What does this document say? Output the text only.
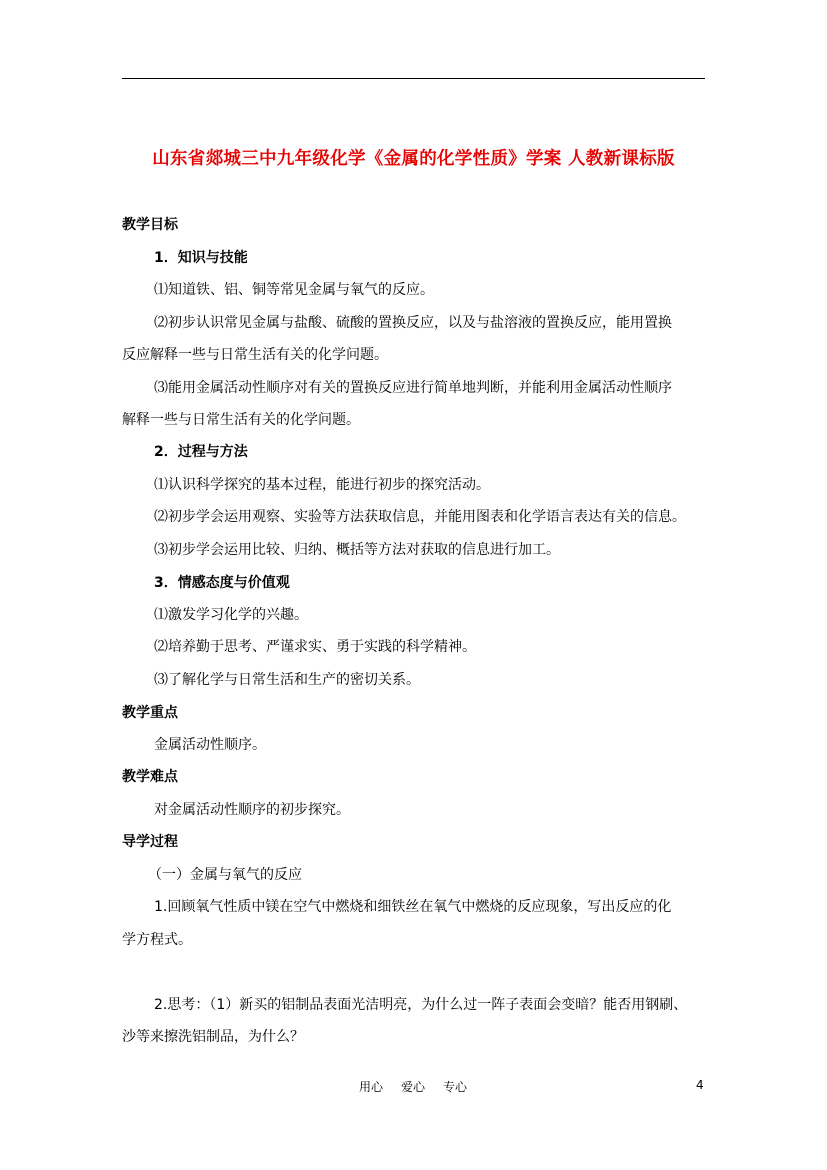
山东省郯城三中九年级化学《金属的化学性质》学案 人教新课标版
教学目标
1．知识与技能
⑴知道铁、铝、铜等常见金属与氧气的反应。
⑵初步认识常见金属与盐酸、硫酸的置换反应，以及与盐溶液的置换反应，能用置换
反应解释一些与日常生活有关的化学问题。
⑶能用金属活动性顺序对有关的置换反应进行简单地判断，并能利用金属活动性顺序
解释一些与日常生活有关的化学问题。
2．过程与方法
⑴认识科学探究的基本过程，能进行初步的探究活动。
⑵初步学会运用观察、实验等方法获取信息，并能用图表和化学语言表达有关的信息。
⑶初步学会运用比较、归纳、概括等方法对获取的信息进行加工。
3．情感态度与价值观
⑴激发学习化学的兴趣。
⑵培养勤于思考、严谨求实、勇于实践的科学精神。
⑶了解化学与日常生活和生产的密切关系。
教学重点
金属活动性顺序。
教学难点
对金属活动性顺序的初步探究。
导学过程
（一）金属与氧气的反应
1.回顾氧气性质中镁在空气中燃烧和细铁丝在氧气中燃烧的反应现象，写出反应的化
学方程式。
2.思考：（1）新买的铝制品表面光洁明亮，为什么过一阵子表面会变暗？能否用钢刷、
沙等来擦洗铝制品，为什么？
用心 爱心 专心	4
